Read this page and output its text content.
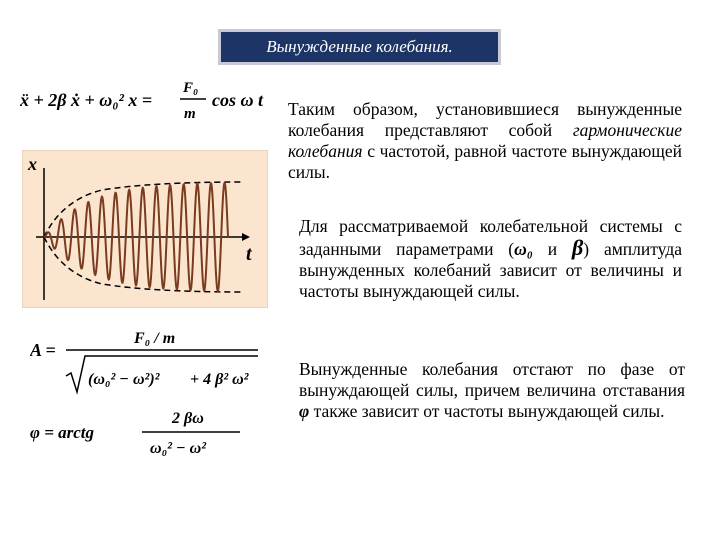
Вынужденные колебания.
ẍ + 2β ẋ + ω₀² x =
F₀
m
cos ω t
x
t
Таким образом, установившиеся вынужденные колебания представляют собой гармонические колебания с частотой, равной частоте вынуждающей силы.
Для рассматриваемой колебательной системы с заданными параметрами (ω₀ и β) амплитуда вынужденных колебаний зависит от величины и частоты вынуждающей силы.
Вынужденные колебания отстают по фазе от вынуждающей силы, причем величина отставания φ также зависит от частоты вынуждающей силы.
A =
F₀ / m
(ω₀² − ω²)² + 4 β² ω²
φ = arctg
2 βω
ω₀² − ω²
